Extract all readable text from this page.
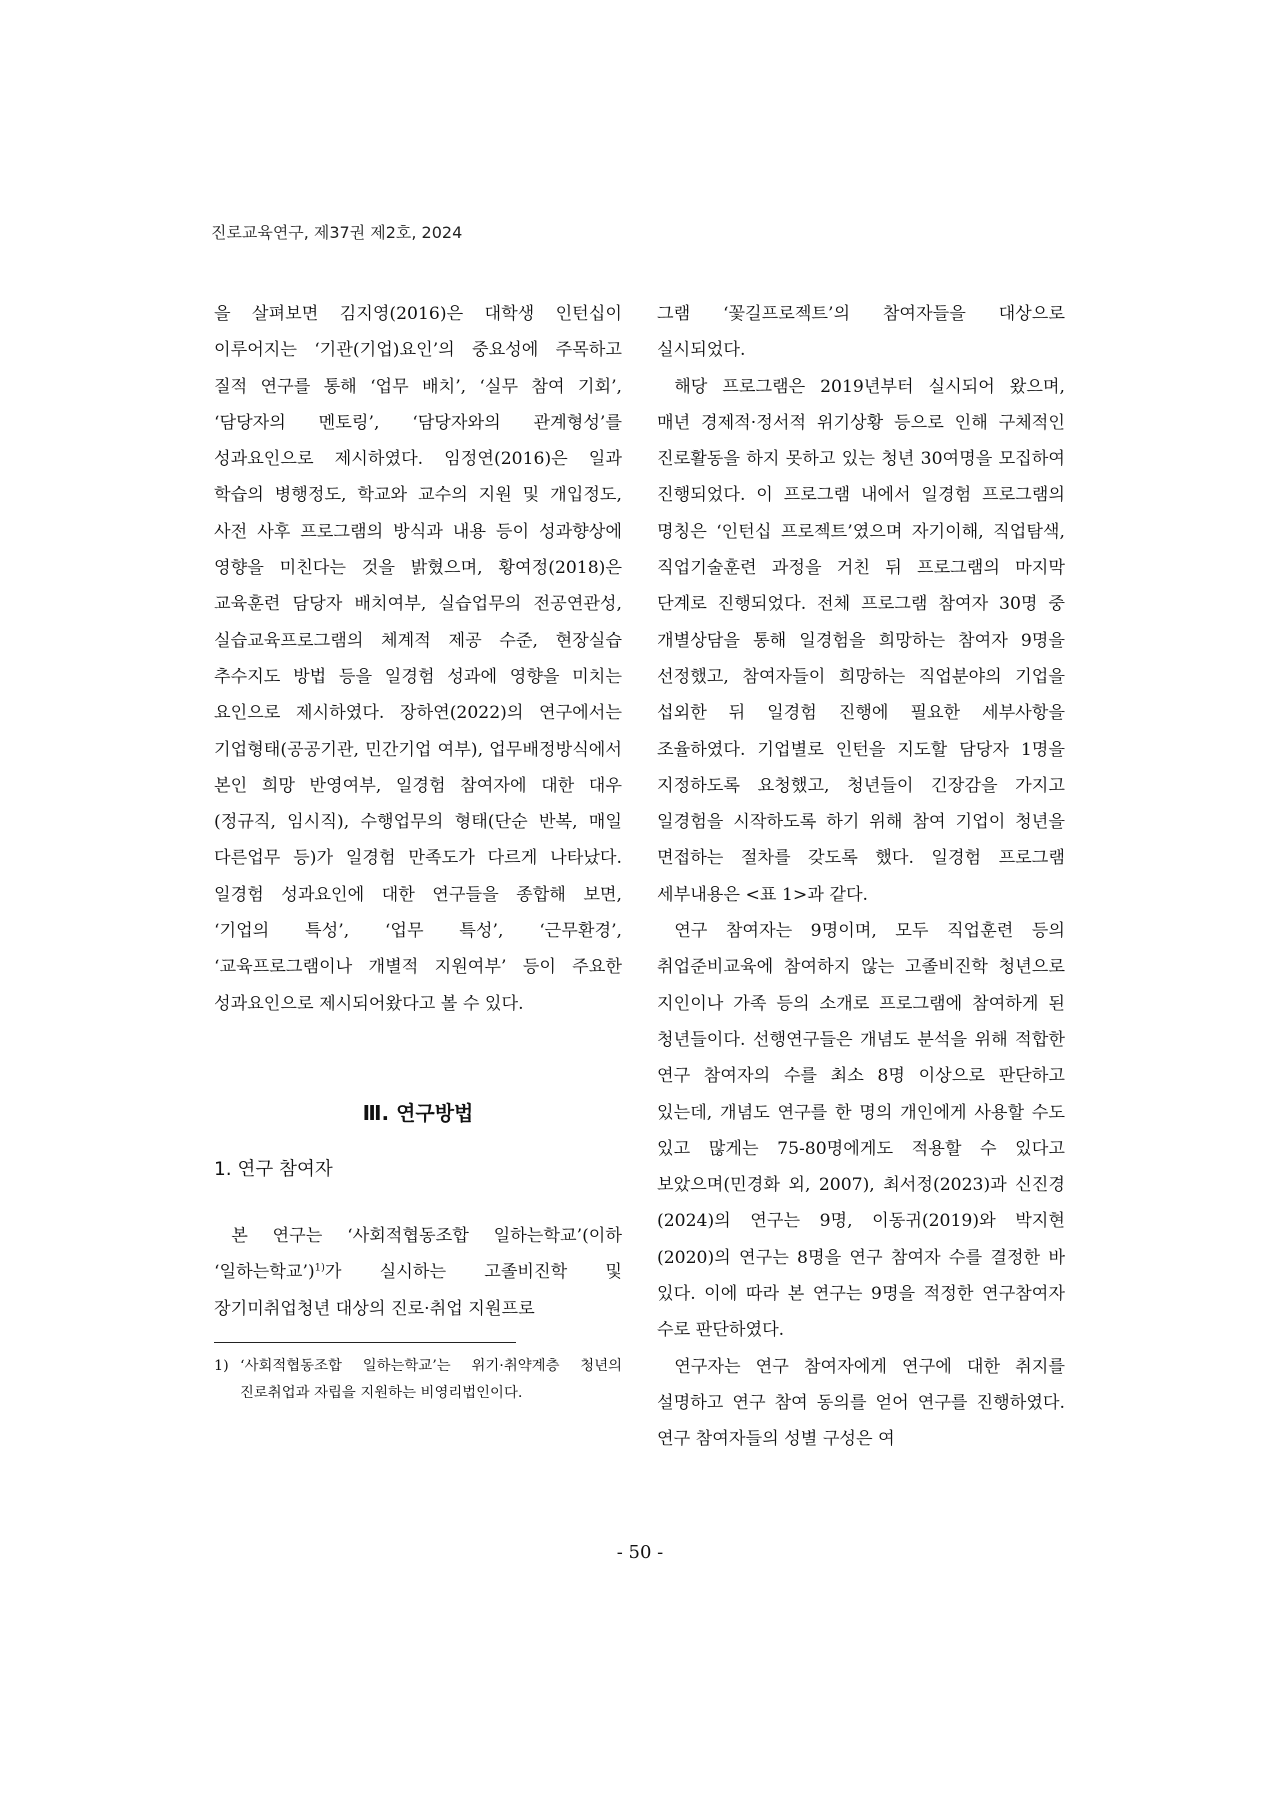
진로교육연구, 제37권 제2호, 2024

을 살펴보면 김지영(2016)은 대학생 인턴십이 이루어지는 ‘기관(기업)요인’의 중요성에 주목하고 질적 연구를 통해 ‘업무 배치’, ‘실무 참여 기회’, ‘담당자의 멘토링’, ‘담당자와의 관계형성’를 성과요인으로 제시하였다. 임정연(2016)은 일과 학습의 병행정도, 학교와 교수의 지원 및 개입정도, 사전 사후 프로그램의 방식과 내용 등이 성과향상에 영향을 미친다는 것을 밝혔으며, 황여정(2018)은 교육훈련 담당자 배치여부, 실습업무의 전공연관성, 실습교육프로그램의 체계적 제공 수준, 현장실습 추수지도 방법 등을 일경험 성과에 영향을 미치는 요인으로 제시하였다. 장하연(2022)의 연구에서는 기업형태(공공기관, 민간기업 여부), 업무배정방식에서 본인 희망 반영여부, 일경험 참여자에 대한 대우(정규직, 임시직), 수행업무의 형태(단순 반복, 매일 다른업무 등)가 일경험 만족도가 다르게 나타났다. 일경험 성과요인에 대한 연구들을 종합해 보면, ‘기업의 특성’, ‘업무 특성’, ‘근무환경’, ‘교육프로그램이나 개별적 지원여부’ 등이 주요한 성과요인으로 제시되어왔다고 볼 수 있다.

Ⅲ. 연구방법
1. 연구 참여자

본 연구는 ‘사회적협동조합 일하는학교’(이하 ‘일하는학교’)$^{1)}$가 실시하는 고졸비진학 및 장기미취업청년 대상의 진로·취업 지원프로

1) ‘사회적협동조합 일하는학교’는 위기·취약계층 청년의 진로취업과 자립을 지원하는 비영리법인이다.

그램 ‘꽃길프로젝트’의 참여자들을 대상으로 실시되었다.

해당 프로그램은 2019년부터 실시되어 왔으며, 매년 경제적·정서적 위기상황 등으로 인해 구체적인 진로활동을 하지 못하고 있는 청년 30여명을 모집하여 진행되었다. 이 프로그램 내에서 일경험 프로그램의 명칭은 ‘인턴십 프로젝트’였으며 자기이해, 직업탐색, 직업기술훈련 과정을 거친 뒤 프로그램의 마지막 단계로 진행되었다. 전체 프로그램 참여자 30명 중 개별상담을 통해 일경험을 희망하는 참여자 9명을 선정했고, 참여자들이 희망하는 직업분야의 기업을 섭외한 뒤 일경험 진행에 필요한 세부사항을 조율하였다. 기업별로 인턴을 지도할 담당자 1명을 지정하도록 요청했고, 청년들이 긴장감을 가지고 일경험을 시작하도록 하기 위해 참여 기업이 청년을 면접하는 절차를 갖도록 했다. 일경험 프로그램 세부내용은 <표 1>과 같다.

연구 참여자는 9명이며, 모두 직업훈련 등의 취업준비교육에 참여하지 않는 고졸비진학 청년으로 지인이나 가족 등의 소개로 프로그램에 참여하게 된 청년들이다. 선행연구들은 개념도 분석을 위해 적합한 연구 참여자의 수를 최소 8명 이상으로 판단하고 있는데, 개념도 연구를 한 명의 개인에게 사용할 수도 있고 많게는 75-80명에게도 적용할 수 있다고 보았으며(민경화 외, 2007), 최서정(2023)과 신진경(2024)의 연구는 9명, 이동귀(2019)와 박지현(2020)의 연구는 8명을 연구 참여자 수를 결정한 바 있다. 이에 따라 본 연구는 9명을 적정한 연구참여자 수로 판단하였다.

연구자는 연구 참여자에게 연구에 대한 취지를 설명하고 연구 참여 동의를 얻어 연구를 진행하였다. 연구 참여자들의 성별 구성은 여

- 50 -
